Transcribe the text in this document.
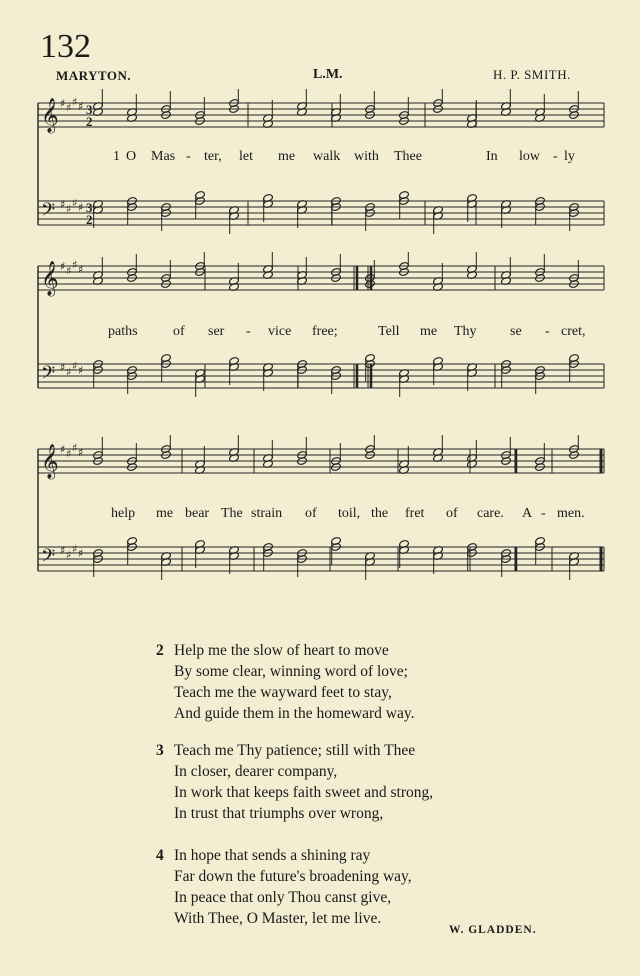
132
MARYTON.	L.M.	H. P. SMITH.
𝄞 ♯ ♯ ♯ ♯ 3
2
𝄢 ♯ ♯ ♯ ♯ 3
2
1 O Mas - ter, let me walk with Thee	In low - ly
𝄞 ♯ ♯ ♯ ♯
𝄢 ♯ ♯ ♯ ♯
paths	of ser - vice free;	Tell me Thy se - cret,
𝄞 ♯ ♯ ♯ ♯
𝄢 ♯ ♯ ♯ ♯
help me bear The strain of toil, the fret of care. A - men.
2 Help me the slow of heart to move
By some clear, winning word of love;
Teach me the wayward feet to stay,
And guide them in the homeward way.
3 Teach me Thy patience; still with Thee
In closer, dearer company,
In work that keeps faith sweet and strong,
In trust that triumphs over wrong,
4 In hope that sends a shining ray
Far down the future's broadening way,
In peace that only Thou canst give,
With Thee, O Master, let me live.
W. GLADDEN.
